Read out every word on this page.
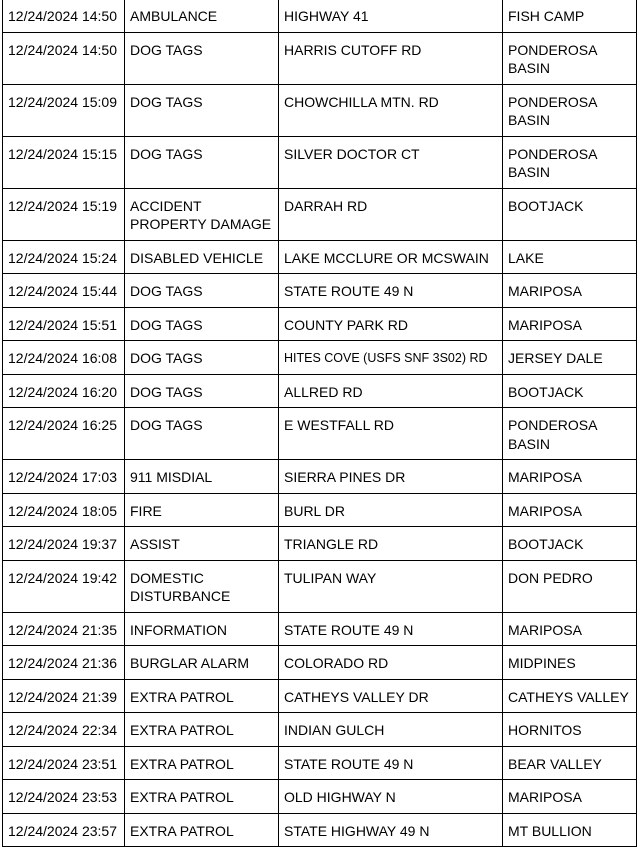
12/24/2024 14:50	AMBULANCE	HIGHWAY 41	FISH CAMP
12/24/2024 14:50	DOG TAGS	HARRIS CUTOFF RD	PONDEROSA BASIN
12/24/2024 15:09	DOG TAGS	CHOWCHILLA MTN. RD	PONDEROSA BASIN
12/24/2024 15:15	DOG TAGS	SILVER DOCTOR CT	PONDEROSA BASIN
12/24/2024 15:19	ACCIDENT PROPERTY DAMAGE	DARRAH RD	BOOTJACK
12/24/2024 15:24	DISABLED VEHICLE	LAKE MCCLURE OR MCSWAIN	LAKE
12/24/2024 15:44	DOG TAGS	STATE ROUTE 49 N	MARIPOSA
12/24/2024 15:51	DOG TAGS	COUNTY PARK RD	MARIPOSA
12/24/2024 16:08	DOG TAGS	HITES COVE (USFS SNF 3S02) RD	JERSEY DALE
12/24/2024 16:20	DOG TAGS	ALLRED RD	BOOTJACK
12/24/2024 16:25	DOG TAGS	E WESTFALL RD	PONDEROSA BASIN
12/24/2024 17:03	911 MISDIAL	SIERRA PINES DR	MARIPOSA
12/24/2024 18:05	FIRE	BURL DR	MARIPOSA
12/24/2024 19:37	ASSIST	TRIANGLE RD	BOOTJACK
12/24/2024 19:42	DOMESTIC DISTURBANCE	TULIPAN WAY	DON PEDRO
12/24/2024 21:35	INFORMATION	STATE ROUTE 49 N	MARIPOSA
12/24/2024 21:36	BURGLAR ALARM	COLORADO RD	MIDPINES
12/24/2024 21:39	EXTRA PATROL	CATHEYS VALLEY DR	CATHEYS VALLEY
12/24/2024 22:34	EXTRA PATROL	INDIAN GULCH	HORNITOS
12/24/2024 23:51	EXTRA PATROL	STATE ROUTE 49 N	BEAR VALLEY
12/24/2024 23:53	EXTRA PATROL	OLD HIGHWAY N	MARIPOSA
12/24/2024 23:57	EXTRA PATROL	STATE HIGHWAY 49 N	MT BULLION
